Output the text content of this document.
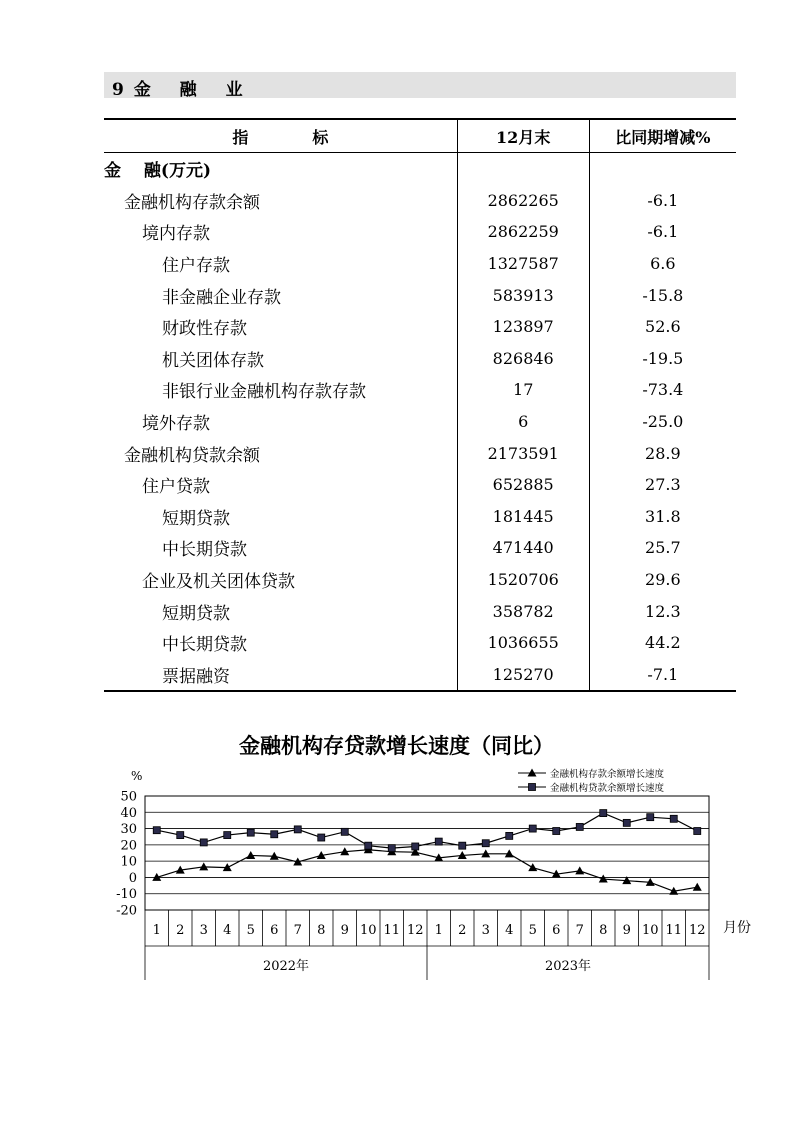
9 金　 融　 业
指　　　　标	12月末	比同期增减%
金　 融(万元)		
金融机构存款余额	2862265	-6.1
境内存款	2862259	-6.1
住户存款	1327587	6.6
非金融企业存款	583913	-15.8
财政性存款	123897	52.6
机关团体存款	826846	-19.5
非银行业金融机构存款存款	17	-73.4
境外存款	6	-25.0
金融机构贷款余额	2173591	28.9
住户贷款	652885	27.3
短期贷款	181445	31.8
中长期贷款	471440	25.7
企业及机关团体贷款	1520706	29.6
短期贷款	358782	12.3
中长期贷款	1036655	44.2
票据融资	125270	-7.1
金融机构存贷款增长速度（同比）
50
40
30
20
10
0
-10
-20
%
1 2 3 4 5 6 7 8 9 10 11 12 1 2 3 4 5 6 7 8 9 10 11 12 月份
2022年	2023年
金融机构存款余额增长速度
金融机构贷款余额增长速度
